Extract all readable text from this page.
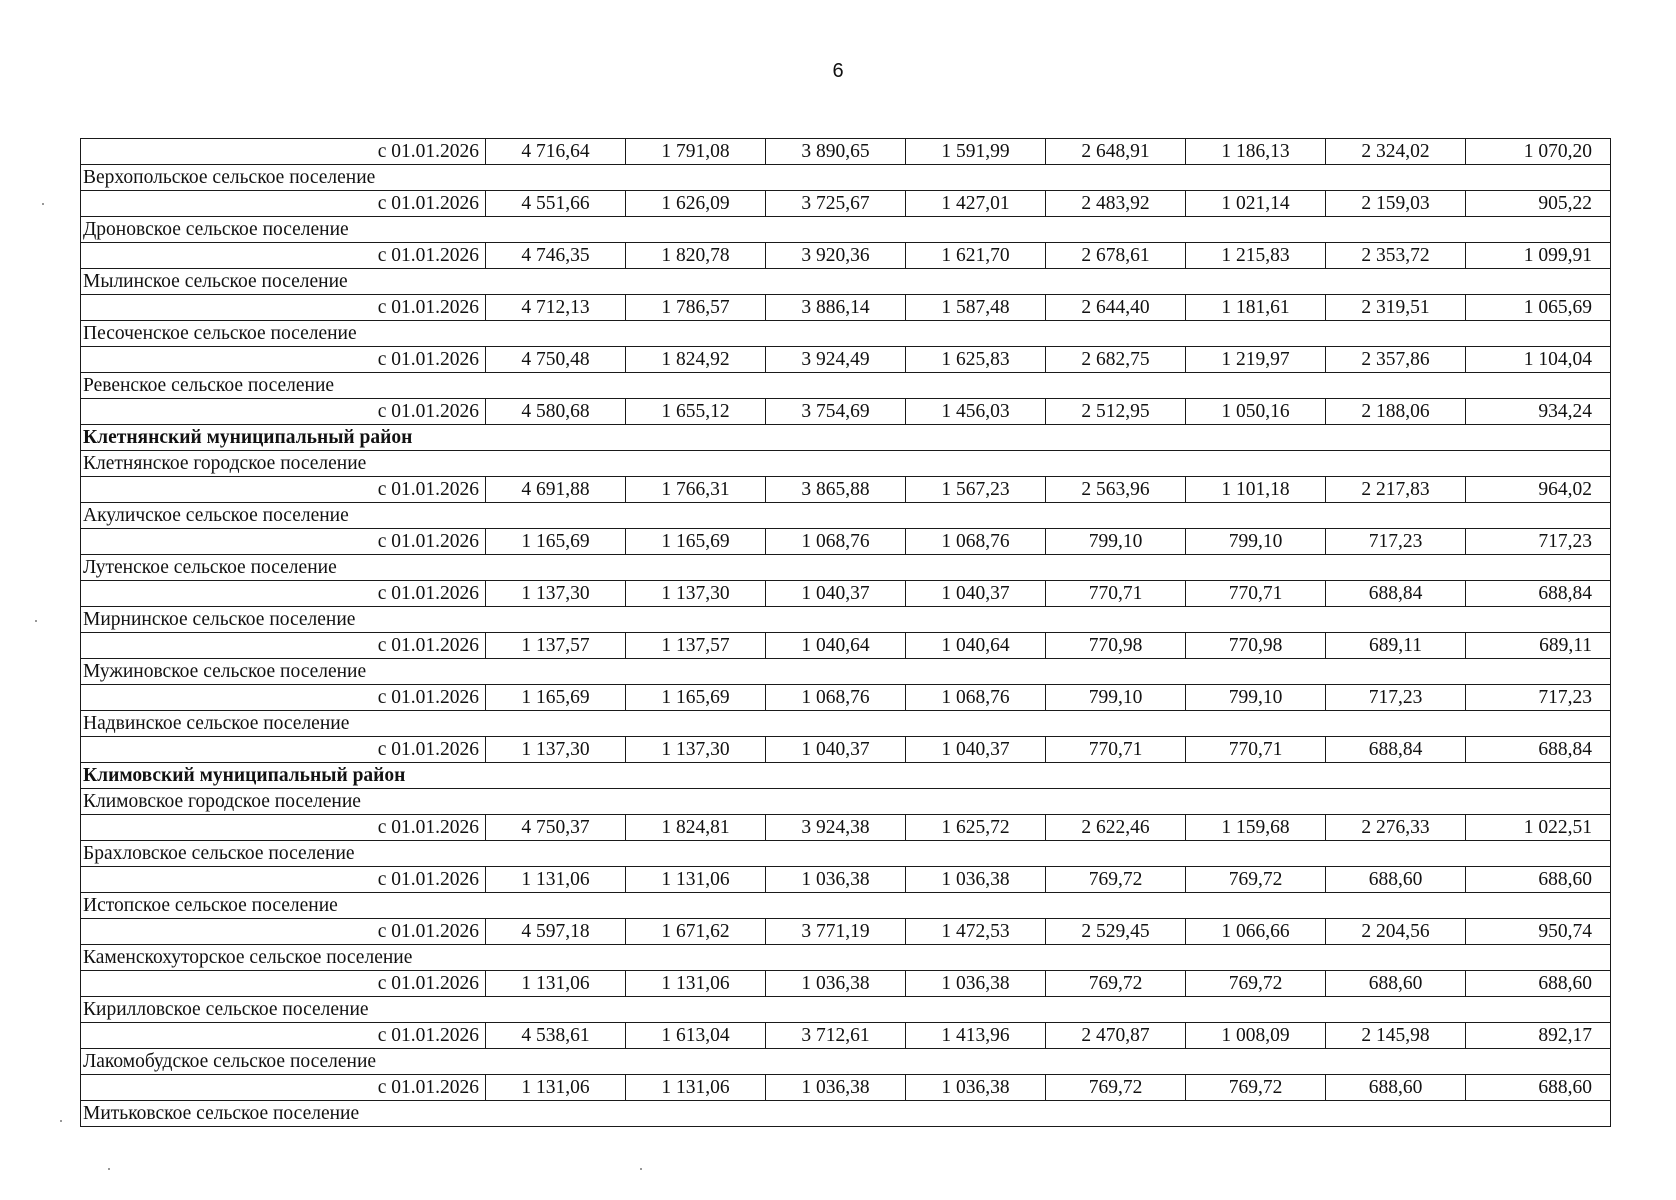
6
с 01.01.2026	4 716,64	1 791,08	3 890,65	1 591,99	2 648,91	1 186,13	2 324,02	1 070,20
Верхопольское сельское поселение								
с 01.01.2026	4 551,66	1 626,09	3 725,67	1 427,01	2 483,92	1 021,14	2 159,03	905,22
Дроновское сельское поселение								
с 01.01.2026	4 746,35	1 820,78	3 920,36	1 621,70	2 678,61	1 215,83	2 353,72	1 099,91
Мылинское сельское поселение								
с 01.01.2026	4 712,13	1 786,57	3 886,14	1 587,48	2 644,40	1 181,61	2 319,51	1 065,69
Песоченское сельское поселение								
с 01.01.2026	4 750,48	1 824,92	3 924,49	1 625,83	2 682,75	1 219,97	2 357,86	1 104,04
Ревенское сельское поселение								
с 01.01.2026	4 580,68	1 655,12	3 754,69	1 456,03	2 512,95	1 050,16	2 188,06	934,24
Клетнянский муниципальный район								
Клетнянское городское поселение								
с 01.01.2026	4 691,88	1 766,31	3 865,88	1 567,23	2 563,96	1 101,18	2 217,83	964,02
Акуличское сельское поселение								
с 01.01.2026	1 165,69	1 165,69	1 068,76	1 068,76	799,10	799,10	717,23	717,23
Лутенское сельское поселение								
с 01.01.2026	1 137,30	1 137,30	1 040,37	1 040,37	770,71	770,71	688,84	688,84
Мирнинское сельское поселение								
с 01.01.2026	1 137,57	1 137,57	1 040,64	1 040,64	770,98	770,98	689,11	689,11
Мужиновское сельское поселение								
с 01.01.2026	1 165,69	1 165,69	1 068,76	1 068,76	799,10	799,10	717,23	717,23
Надвинское сельское поселение								
с 01.01.2026	1 137,30	1 137,30	1 040,37	1 040,37	770,71	770,71	688,84	688,84
Климовский муниципальный район								
Климовское городское поселение								
с 01.01.2026	4 750,37	1 824,81	3 924,38	1 625,72	2 622,46	1 159,68	2 276,33	1 022,51
Брахловское сельское поселение								
с 01.01.2026	1 131,06	1 131,06	1 036,38	1 036,38	769,72	769,72	688,60	688,60
Истопское сельское поселение								
с 01.01.2026	4 597,18	1 671,62	3 771,19	1 472,53	2 529,45	1 066,66	2 204,56	950,74
Каменскохуторское сельское поселение								
с 01.01.2026	1 131,06	1 131,06	1 036,38	1 036,38	769,72	769,72	688,60	688,60
Кирилловское сельское поселение								
с 01.01.2026	4 538,61	1 613,04	3 712,61	1 413,96	2 470,87	1 008,09	2 145,98	892,17
Лакомобудское сельское поселение								
с 01.01.2026	1 131,06	1 131,06	1 036,38	1 036,38	769,72	769,72	688,60	688,60
Митьковское сельское поселение								
